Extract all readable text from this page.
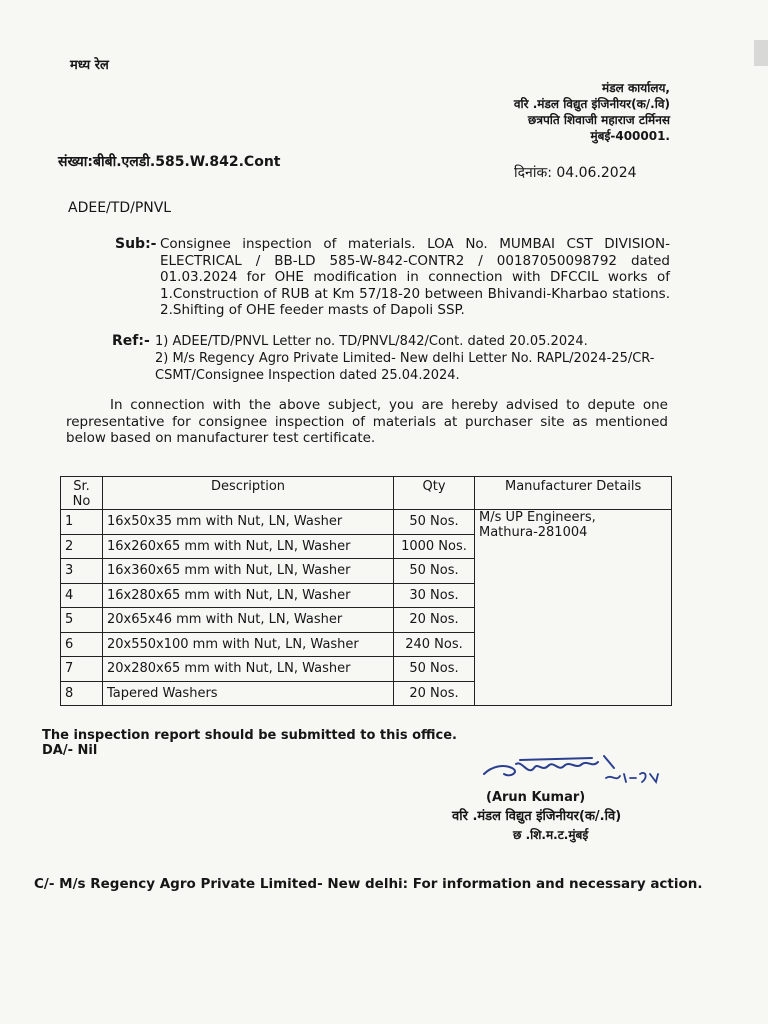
मध्य रेल
मंडल कार्यालय,
वरि .मंडल विद्युत इंजिनीयर(क/.वि)
छत्रपति शिवाजी महाराज टर्मिनस
मुंबई-400001.
संख्या:बीबी.एलडी.585.W.842.Cont
दिनांक: 04.06.2024
ADEE/TD/PNVL
Sub:- Consignee inspection of materials. LOA No. MUMBAI CST DIVISION-ELECTRICAL / BB-LD 585-W-842-CONTR2 / 00187050098792 dated 01.03.2024 for OHE modification in connection with DFCCIL works of 1.Construction of RUB at Km 57/18-20 between Bhivandi-Kharbao stations. 2.Shifting of OHE feeder masts of Dapoli SSP.
Ref:- 1) ADEE/TD/PNVL Letter no. TD/PNVL/842/Cont. dated 20.05.2024.
2) M/s Regency Agro Private Limited- New delhi Letter No. RAPL/2024-25/CR-
CSMT/Consignee Inspection dated 25.04.2024.
In connection with the above subject, you are hereby advised to depute one representative for consignee inspection of materials at purchaser site as mentioned below based on manufacturer test certificate.
Sr. No	Description	Qty	Manufacturer Details
1	16x50x35 mm with Nut, LN, Washer	50 Nos.	M/s UP Engineers,
Mathura-281004

2	16x260x65 mm with Nut, LN, Washer	1000 Nos.	
3	16x360x65 mm with Nut, LN, Washer	50 Nos.	
4	16x280x65 mm with Nut, LN, Washer	30 Nos.	
5	20x65x46 mm with Nut, LN, Washer	20 Nos.	
6	20x550x100 mm with Nut, LN, Washer	240 Nos.	
7	20x280x65 mm with Nut, LN, Washer	50 Nos.	
8	Tapered Washers	20 Nos.	
The inspection report should be submitted to this office.
DA/- Nil
(Arun Kumar)
वरि .मंडल विद्युत इंजिनीयर(क/.वि)
छ .शि.म.ट.मुंबई
C/- M/s Regency Agro Private Limited- New delhi: For information and necessary action.
